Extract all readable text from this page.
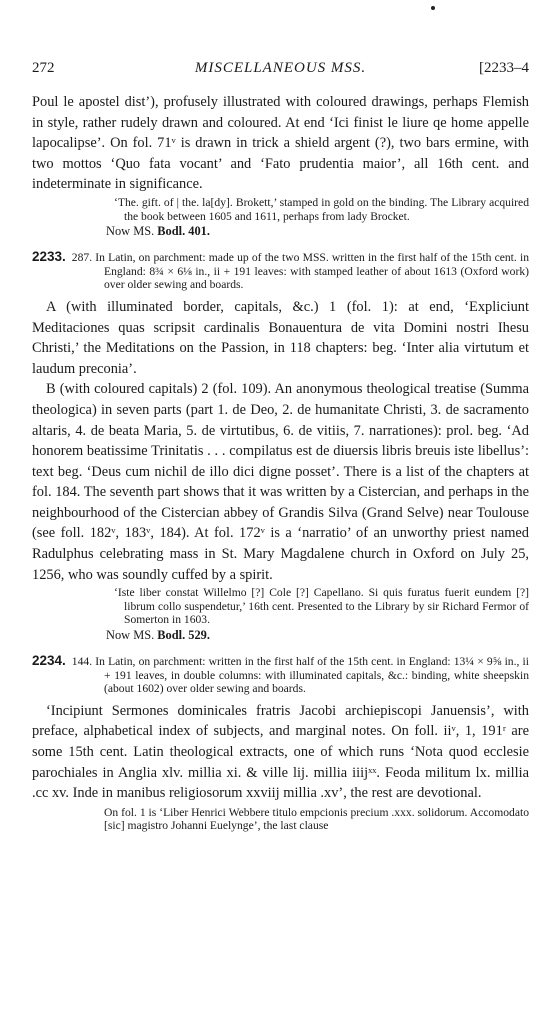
272	MISCELLANEOUS MSS.	[2233–4

Poul le apostel dist’), profusely illustrated with coloured drawings, perhaps Flemish in style, rather rudely drawn and coloured. At end ‘Ici finist le liure qe home appelle lapocalipse’. On fol. 71ᵛ is drawn in trick a shield argent (?), two bars ermine, with two mottos ‘Quo fata vocant’ and ‘Fato prudentia maior’, all 16th cent. and indeterminate in significance.

‘The. gift. of | the. la[dy]. Brokett,’ stamped in gold on the binding. The Library acquired the book between 1605 and 1611, perhaps from lady Brocket.

Now MS. Bodl. 401.

2233. 287. In Latin, on parchment: made up of the two MSS. written in the first half of the 15th cent. in England: 8¾ × 6⅛ in., ii + 191 leaves: with stamped leather of about 1613 (Oxford work) over older sewing and boards.

A (with illuminated border, capitals, &c.) 1 (fol. 1): at end, ‘Expliciunt Meditaciones quas scripsit cardinalis Bonauentura de vita Domini nostri Ihesu Christi,’ the Meditations on the Passion, in 118 chapters: beg. ‘Inter alia virtutum et laudum preconia’.

B (with coloured capitals) 2 (fol. 109). An anonymous theological treatise (Summa theologica) in seven parts (part 1. de Deo, 2. de humanitate Christi, 3. de sacramento altaris, 4. de beata Maria, 5. de virtutibus, 6. de vitiis, 7. narrationes): prol. beg. ‘Ad honorem beatissime Trinitatis . . . compilatus est de diuersis libris breuis iste libellus’: text beg. ‘Deus cum nichil de illo dici digne posset’. There is a list of the chapters at fol. 184. The seventh part shows that it was written by a Cistercian, and perhaps in the neighbourhood of the Cistercian abbey of Grandis Silva (Grand Selve) near Toulouse (see foll. 182ᵛ, 183ᵛ, 184). At fol. 172ᵛ is a ‘narratio’ of an unworthy priest named Radulphus celebrating mass in St. Mary Magdalene church in Oxford on July 25, 1256, who was soundly cuffed by a spirit.

‘Iste liber constat Willelmo [?] Cole [?] Capellano. Si quis furatus fuerit eundem [?] librum collo suspendetur,’ 16th cent. Presented to the Library by sir Richard Fermor of Somerton in 1603.

Now MS. Bodl. 529.

2234. 144. In Latin, on parchment: written in the first half of the 15th cent. in England: 13¼ × 9⅝ in., ii + 191 leaves, in double columns: with illuminated capitals, &c.: binding, white sheepskin (about 1602) over older sewing and boards.

‘Incipiunt Sermones dominicales fratris Jacobi archiepiscopi Januensis’, with preface, alphabetical index of subjects, and marginal notes. On foll. iiᵛ, 1, 191ʳ are some 15th cent. Latin theological extracts, one of which runs ‘Nota quod ecclesie parochiales in Anglia xlv. millia xi. & ville lij. millia iiijˣˣ. Feoda militum lx. millia .cc xv. Inde in manibus religiosorum xxviij millia .xv’, the rest are devotional.

On fol. 1 is ‘Liber Henrici Webbere titulo empcionis precium .xxx. solidorum. Accomodato [sic] magistro Johanni Euelynge’, the last clause
